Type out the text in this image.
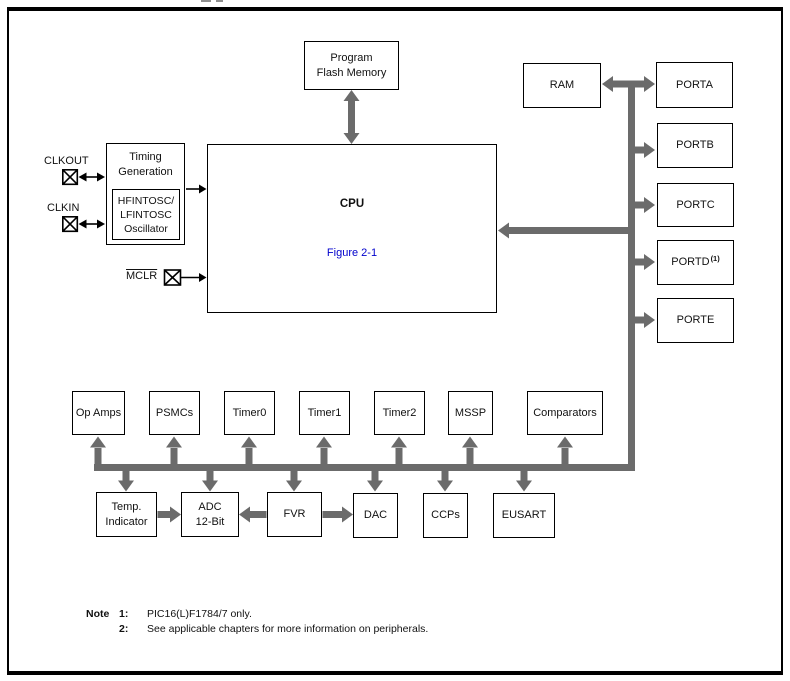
Program
Flash Memory
RAM	PORTA
PORTB
PORTC
PORTD$^{(1)}$
PORTE
CPU
Figure 2-1
Timing
Generation
HFINTOSC/
LFINTOSC
Oscillator
Op Amps	PSMCs	Timer0	Timer1	Timer2	MSSP	Comparators
Temp.
Indicator
ADC
12-Bit
FVR	DAC	CCPs	EUSART
CLKOUT
CLKIN
MCLR
Note 1: PIC16(L)F1784/7 only.
2: See applicable chapters for more information on peripherals.
